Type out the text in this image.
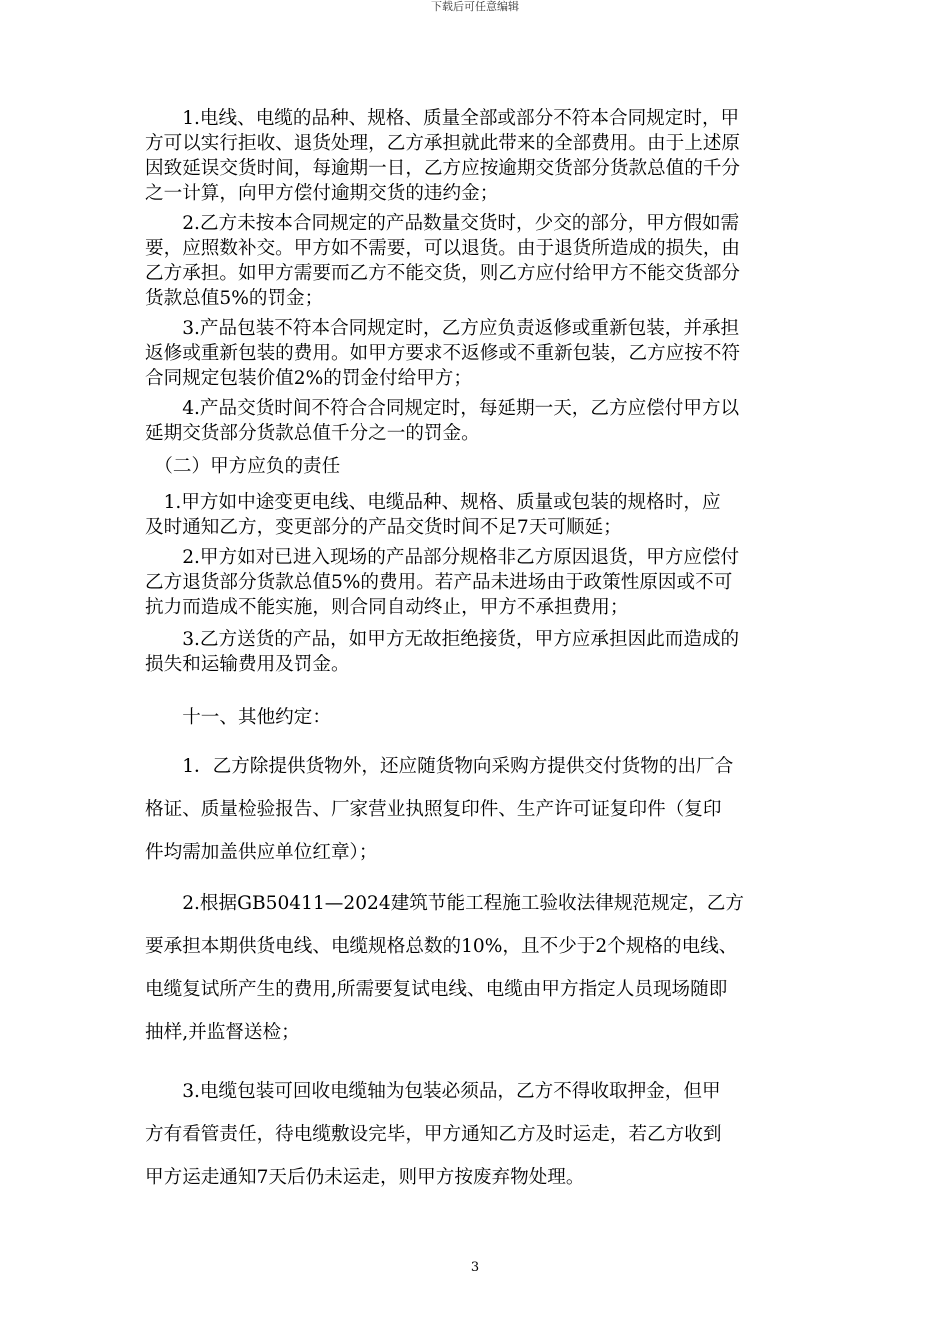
下载后可任意编辑
　　1.电线、电缆的品种、规格、质量全部或部分不符本合同规定时，甲
方可以实行拒收、退货处理，乙方承担就此带来的全部费用。由于上述原
因致延误交货时间，每逾期一日，乙方应按逾期交货部分货款总值的千分
之一计算，向甲方偿付逾期交货的违约金；
　　2.乙方未按本合同规定的产品数量交货时，少交的部分，甲方假如需
要，应照数补交。甲方如不需要，可以退货。由于退货所造成的损失，由
乙方承担。如甲方需要而乙方不能交货，则乙方应付给甲方不能交货部分
货款总值5%的罚金；
　　3.产品包装不符本合同规定时，乙方应负责返修或重新包装，并承担
返修或重新包装的费用。如甲方要求不返修或不重新包装，乙方应按不符
合同规定包装价值2%的罚金付给甲方；
　　4.产品交货时间不符合合同规定时，每延期一天，乙方应偿付甲方以
延期交货部分货款总值千分之一的罚金。
　（二）甲方应负的责任
　1.甲方如中途变更电线、电缆品种、规格、质量或包装的规格时，应
及时通知乙方，变更部分的产品交货时间不足7天可顺延；
　　2.甲方如对已进入现场的产品部分规格非乙方原因退货，甲方应偿付
乙方退货部分货款总值5%的费用。若产品未进场由于政策性原因或不可
抗力而造成不能实施，则合同自动终止，甲方不承担费用；
　　3.乙方送货的产品，如甲方无故拒绝接货，甲方应承担因此而造成的
损失和运输费用及罚金。
　　十一、其他约定：
　　1．乙方除提供货物外，还应随货物向采购方提供交付货物的出厂合
格证、质量检验报告、厂家营业执照复印件、生产许可证复印件（复印
件均需加盖供应单位红章）；
　　2.根据GB50411—2024建筑节能工程施工验收法律规范规定，乙方
要承担本期供货电线、电缆规格总数的10%，且不少于2个规格的电线、
电缆复试所产生的费用,所需要复试电线、电缆由甲方指定人员现场随即
抽样,并监督送检；
　　3.电缆包装可回收电缆轴为包装必须品，乙方不得收取押金，但甲
方有看管责任，待电缆敷设完毕，甲方通知乙方及时运走，若乙方收到
甲方运走通知7天后仍未运走，则甲方按废弃物处理。
3
